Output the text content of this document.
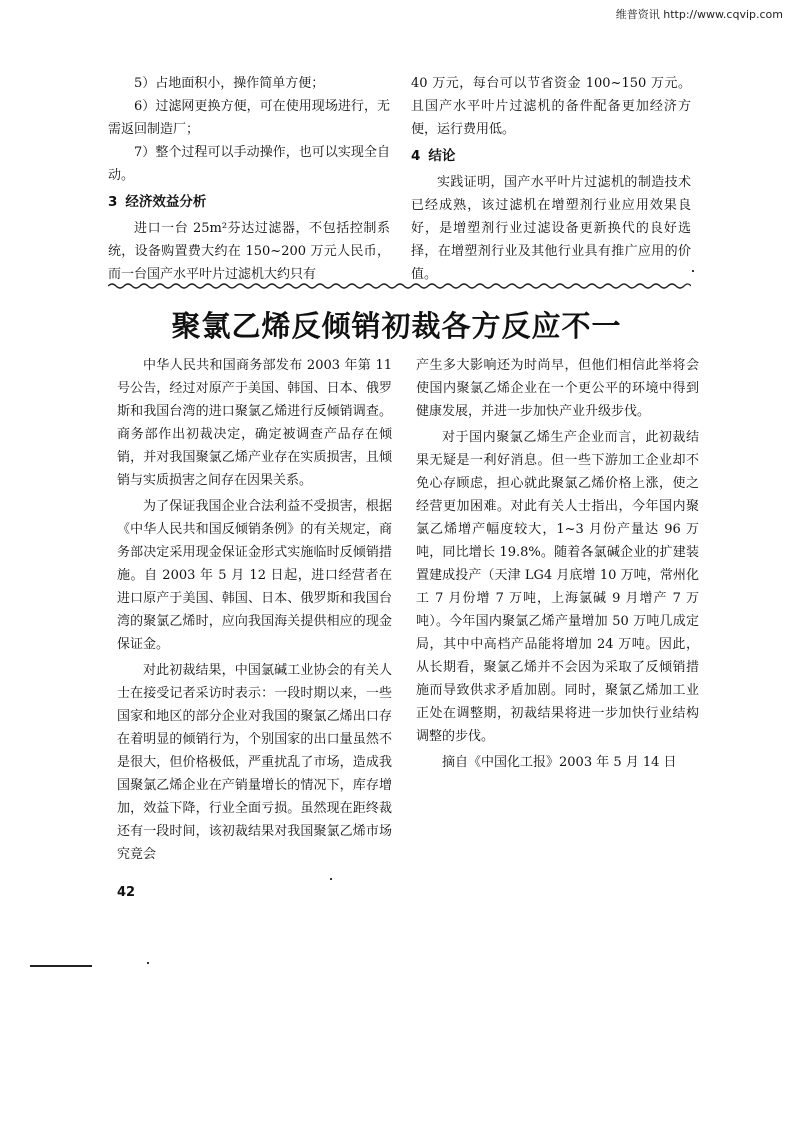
维普资讯 http://www.cqvip.com

5）占地面积小，操作简单方便；

6）过滤网更换方便，可在使用现场进行，无需返回制造厂；

7）整个过程可以手动操作，也可以实现全自动。

3 经济效益分析

进口一台 25m²芬达过滤器，不包括控制系统，设备购置费大约在 150~200 万元人民币，而一台国产水平叶片过滤机大约只有

40 万元，每台可以节省资金 100~150 万元。且国产水平叶片过滤机的备件配备更加经济方便，运行费用低。

4 结论

实践证明，国产水平叶片过滤机的制造技术已经成熟，该过滤机在增塑剂行业应用效果良好，是增塑剂行业过滤设备更新换代的良好选择，在增塑剂行业及其他行业具有推广应用的价值。

聚氯乙烯反倾销初裁各方反应不一

中华人民共和国商务部发布 2003 年第 11 号公告，经过对原产于美国、韩国、日本、俄罗斯和我国台湾的进口聚氯乙烯进行反倾销调查。商务部作出初裁决定，确定被调查产品存在倾销，并对我国聚氯乙烯产业存在实质损害，且倾销与实质损害之间存在因果关系。

为了保证我国企业合法利益不受损害，根据《中华人民共和国反倾销条例》的有关规定，商务部决定采用现金保证金形式实施临时反倾销措施。自 2003 年 5 月 12 日起，进口经营者在进口原产于美国、韩国、日本、俄罗斯和我国台湾的聚氯乙烯时，应向我国海关提供相应的现金保证金。

对此初裁结果，中国氯碱工业协会的有关人士在接受记者采访时表示：一段时期以来，一些国家和地区的部分企业对我国的聚氯乙烯出口存在着明显的倾销行为，个别国家的出口量虽然不是很大，但价格极低，严重扰乱了市场，造成我国聚氯乙烯企业在产销量增长的情况下，库存增加，效益下降，行业全面亏损。虽然现在距终裁还有一段时间，该初裁结果对我国聚氯乙烯市场究竟会

产生多大影响还为时尚早，但他们相信此举将会使国内聚氯乙烯企业在一个更公平的环境中得到健康发展，并进一步加快产业升级步伐。

对于国内聚氯乙烯生产企业而言，此初裁结果无疑是一利好消息。但一些下游加工企业却不免心存顾虑，担心就此聚氯乙烯价格上涨，使之经营更加困难。对此有关人士指出，今年国内聚氯乙烯增产幅度较大，1~3 月份产量达 96 万吨，同比增长 19.8%。随着各氯碱企业的扩建装置建成投产（天津 LG4 月底增 10 万吨，常州化工 7 月份增 7 万吨，上海氯碱 9 月增产 7 万吨）。今年国内聚氯乙烯产量增加 50 万吨几成定局，其中中高档产品能将增加 24 万吨。因此，从长期看，聚氯乙烯并不会因为采取了反倾销措施而导致供求矛盾加剧。同时，聚氯乙烯加工业正处在调整期，初裁结果将进一步加快行业结构调整的步伐。

摘自《中国化工报》2003 年 5 月 14 日

42
